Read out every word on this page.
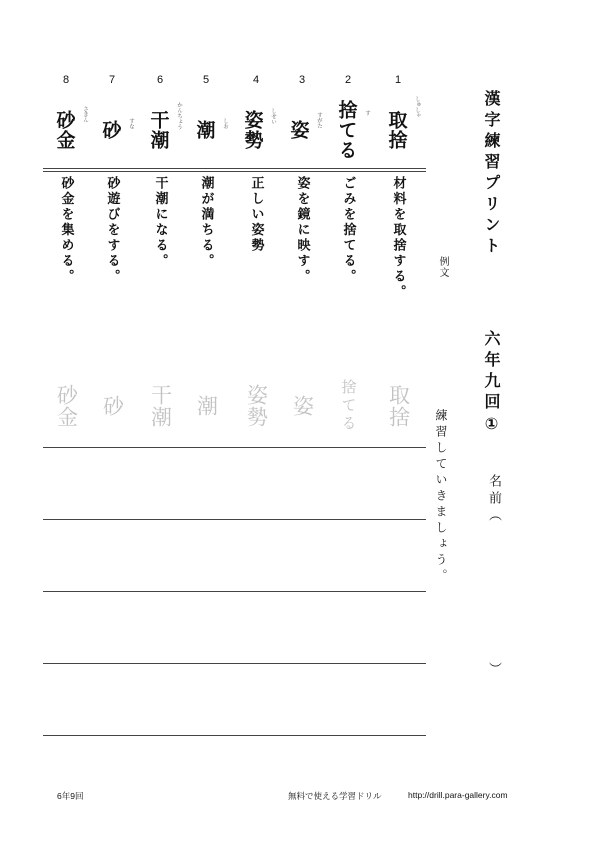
1
2
3
4
5
6
7
8
取捨
しゅしゃ
捨てる す
姿 すがた
姿勢 しせい
潮 しお
干潮 かんちょう
砂 すな
砂金 さきん
材料を取捨する。
ごみを捨てる。
姿を鏡に映す。
正しい姿勢
潮が満ちる。
干潮になる。
砂遊びをする。
砂金を集める。
取捨
捨てる
姿
姿勢
潮
干潮
砂
砂金
例文
練習していきましょう。
漢字練習プリント
六年九回①
名前（
）
6年9回	無料で使える学習ドリル	http://drill.para-gallery.com
